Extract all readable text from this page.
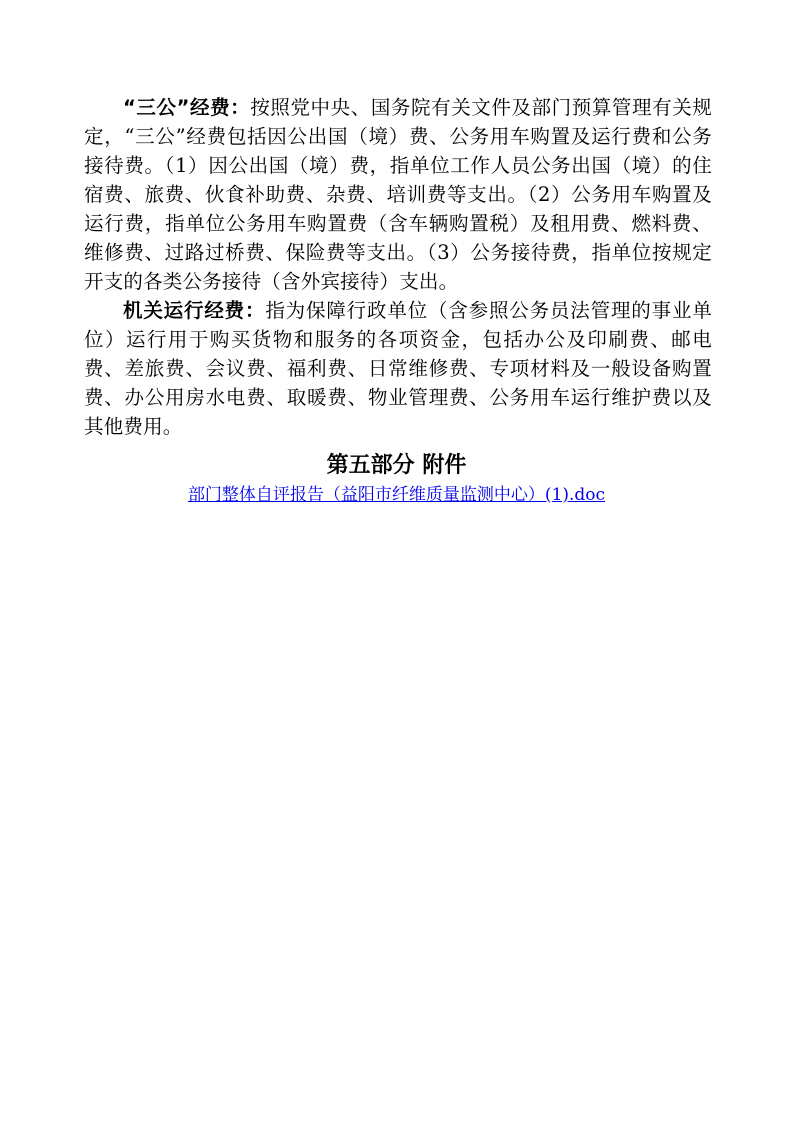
“三公”经费：按照党中央、国务院有关文件及部门预算管理有关规定，“三公”经费包括因公出国（境）费、公务用车购置及运行费和公务接待费。（1）因公出国（境）费，指单位工作人员公务出国（境）的住宿费、旅费、伙食补助费、杂费、培训费等支出。（2）公务用车购置及运行费，指单位公务用车购置费（含车辆购置税）及租用费、燃料费、维修费、过路过桥费、保险费等支出。（3）公务接待费，指单位按规定开支的各类公务接待（含外宾接待）支出。

机关运行经费：指为保障行政单位（含参照公务员法管理的事业单位）运行用于购买货物和服务的各项资金，包括办公及印刷费、邮电费、差旅费、会议费、福利费、日常维修费、专项材料及一般设备购置费、办公用房水电费、取暖费、物业管理费、公务用车运行维护费以及其他费用。

第五部分 附件
部门整体自评报告（益阳市纤维质量监测中心）(1).doc
